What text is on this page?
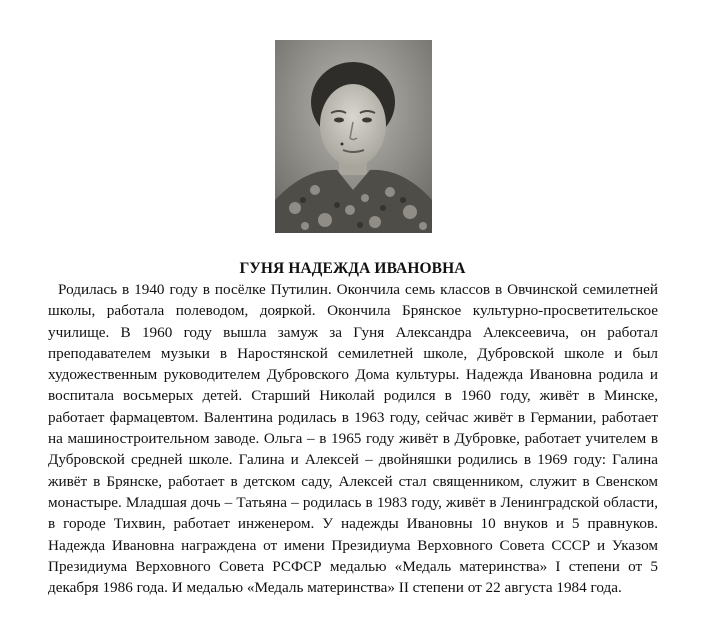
ГУНЯ НАДЕЖДА ИВАНОВНА

Родилась в 1940 году в посёлке Путилин. Окончила семь классов в Овчинской семилетней школы, работала полеводом, дояркой. Окончила Брянское культурно-просветительское училище. В 1960 году вышла замуж за Гуня Александра Алексеевича, он работал преподавателем музыки в Наростянской семилетней школе, Дубровской школе и был художественным руководителем Дубровского Дома культуры. Надежда Ивановна родила и воспитала восьмерых детей. Старший Николай родился в 1960 году, живёт в Минске, работает фармацевтом. Валентина родилась в 1963 году, сейчас живёт в Германии, работает на машиностроительном заводе. Ольга – в 1965 году живёт в Дубровке, работает учителем в Дубровской средней школе. Галина и Алексей – двойняшки родились в 1969 году: Галина живёт в Брянске, работает в детском саду, Алексей стал священником, служит в Свенском монастыре. Младшая дочь – Татьяна – родилась в 1983 году, живёт в Ленинградской области, в городе Тихвин, работает инженером. У надежды Ивановны 10 внуков и 5 правнуков. Надежда Ивановна награждена от имени Президиума Верховного Совета СССР и Указом Президиума Верховного Совета РСФСР медалью «Медаль материнства» I степени от 5 декабря 1986 года. И медалью «Медаль материнства» II степени от 22 августа 1984 года.
